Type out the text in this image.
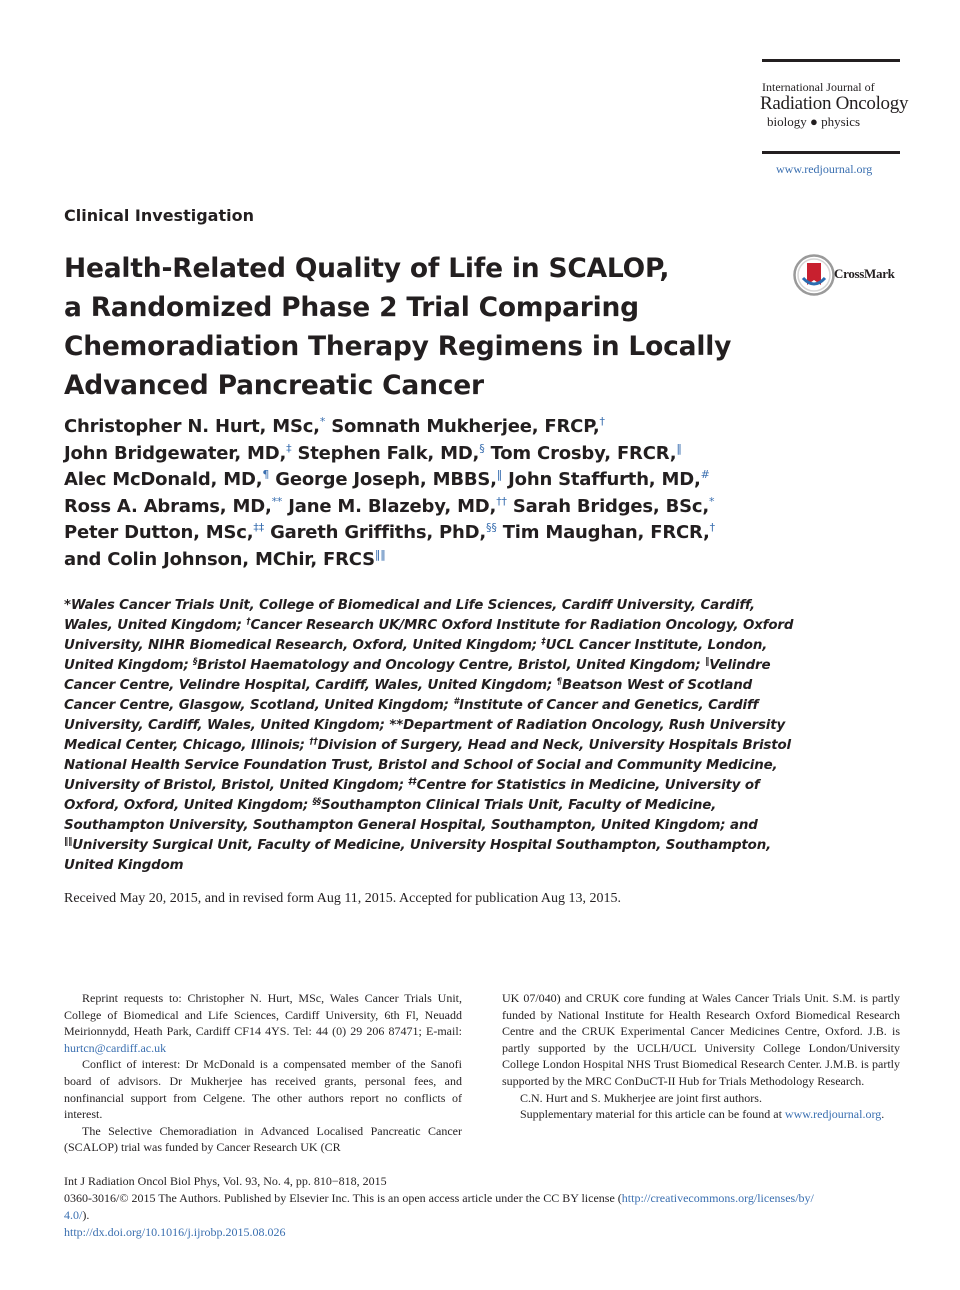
International Journal of
Radiation Oncology
biology ● physics
www.redjournal.org
Clinical Investigation
Health-Related Quality of Life in SCALOP,
a Randomized Phase 2 Trial Comparing
Chemoradiation Therapy Regimens in Locally
Advanced Pancreatic Cancer
CrossMark
Christopher N. Hurt, MSc,* Somnath Mukherjee, FRCP,†
John Bridgewater, MD,‡ Stephen Falk, MD,§ Tom Crosby, FRCR,‖
Alec McDonald, MD,¶ George Joseph, MBBS,‖ John Staffurth, MD,#
Ross A. Abrams, MD,** Jane M. Blazeby, MD,†† Sarah Bridges, BSc,*
Peter Dutton, MSc,‡‡ Gareth Griffiths, PhD,§§ Tim Maughan, FRCR,†
and Colin Johnson, MChir, FRCS‖‖
*Wales Cancer Trials Unit, College of Biomedical and Life Sciences, Cardiff University, Cardiff,
Wales, United Kingdom; †Cancer Research UK/MRC Oxford Institute for Radiation Oncology, Oxford
University, NIHR Biomedical Research, Oxford, United Kingdom; ‡UCL Cancer Institute, London,
United Kingdom; §Bristol Haematology and Oncology Centre, Bristol, United Kingdom; ‖Velindre
Cancer Centre, Velindre Hospital, Cardiff, Wales, United Kingdom; ¶Beatson West of Scotland
Cancer Centre, Glasgow, Scotland, United Kingdom; #Institute of Cancer and Genetics, Cardiff
University, Cardiff, Wales, United Kingdom; **Department of Radiation Oncology, Rush University
Medical Center, Chicago, Illinois; ††Division of Surgery, Head and Neck, University Hospitals Bristol
National Health Service Foundation Trust, Bristol and School of Social and Community Medicine,
University of Bristol, Bristol, United Kingdom; ‡‡Centre for Statistics in Medicine, University of
Oxford, Oxford, United Kingdom; §§Southampton Clinical Trials Unit, Faculty of Medicine,
Southampton University, Southampton General Hospital, Southampton, United Kingdom; and
‖‖University Surgical Unit, Faculty of Medicine, University Hospital Southampton, Southampton,
United Kingdom
Received May 20, 2015, and in revised form Aug 11, 2015. Accepted for publication Aug 13, 2015.

Reprint requests to: Christopher N. Hurt, MSc, Wales Cancer Trials Unit, College of Biomedical and Life Sciences, Cardiff University, 6th Fl, Neuadd Meirionnydd, Heath Park, Cardiff CF14 4YS. Tel: 44 (0) 29 206 87471; E-mail: hurtcn@cardiff.ac.uk

Conflict of interest: Dr McDonald is a compensated member of the Sanofi board of advisors. Dr Mukherjee has received grants, personal fees, and nonfinancial support from Celgene. The other authors report no conflicts of interest.

The Selective Chemoradiation in Advanced Localised Pancreatic Cancer (SCALOP) trial was funded by Cancer Research UK (CR

UK 07/040) and CRUK core funding at Wales Cancer Trials Unit. S.M. is partly funded by National Institute for Health Research Oxford Biomedical Research Centre and the CRUK Experimental Cancer Medicines Centre, Oxford. J.B. is partly supported by the UCLH/UCL University College London/University College London Hospital NHS Trust Biomedical Research Center. J.M.B. is partly supported by the MRC ConDuCT-II Hub for Trials Methodology Research.

C.N. Hurt and S. Mukherjee are joint first authors.

Supplementary material for this article can be found at www.redjournal.org.

Int J Radiation Oncol Biol Phys, Vol. 93, No. 4, pp. 810−818, 2015
0360-3016/© 2015 The Authors. Published by Elsevier Inc. This is an open access article under the CC BY license (http://creativecommons.org/licenses/by/
4.0/).
http://dx.doi.org/10.1016/j.ijrobp.2015.08.026
